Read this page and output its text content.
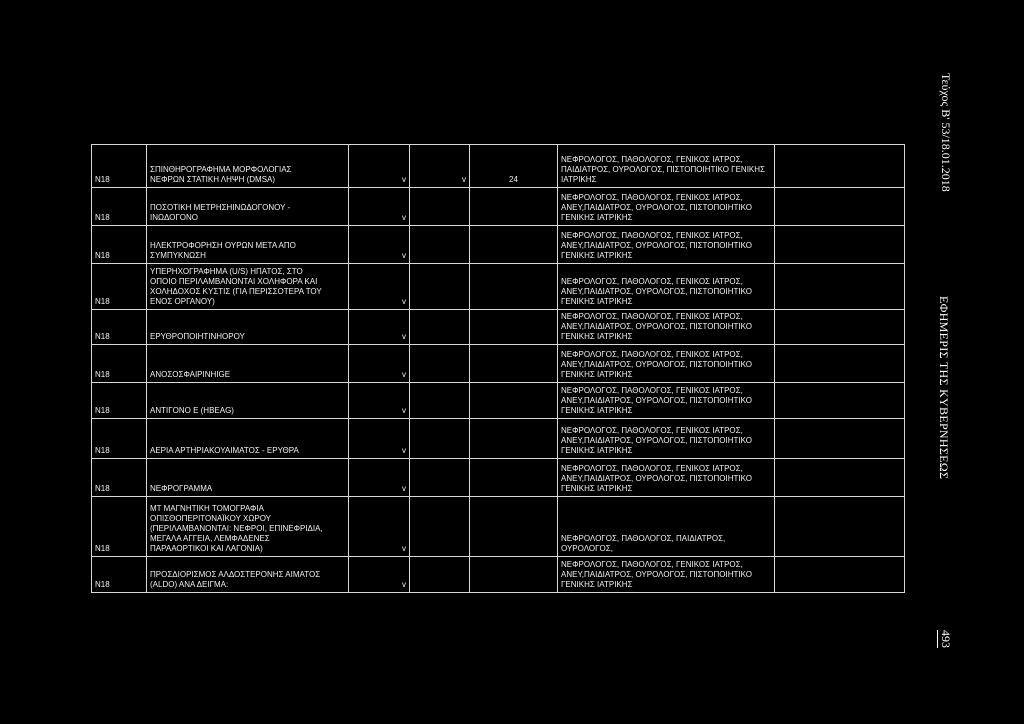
N18	ΣΠΙΝΘΗΡΟΓΡΑΦΗΜΑ ΜΟΡΦΟΛΟΓΙΑΣ
ΝΕΦΡΩΝ ΣΤΑΤΙΚΗ ΛΗΨΗ (DMSA)	v	v	24	ΝΕΦΡΟΛΟΓΟΣ, ΠΑΘΟΛΟΓΟΣ, ΓΕΝΙΚΟΣ ΙΑΤΡΟΣ,
ΠΑΙΔΙΑΤΡΟΣ, ΟΥΡΟΛΟΓΟΣ, ΠΙΣΤΟΠΟΙΗΤΙΚΟ ΓΕΝΙΚΗΣ
ΙΑΤΡΙΚΗΣ	
N18	ΠΟΣΟΤΙΚΗ ΜΕΤΡΗΣΗΙΝΩΔΟΓΟΝΟΥ -
ΙΝΩΔΟΓΟΝΟ	v			ΝΕΦΡΟΛΟΓΟΣ, ΠΑΘΟΛΟΓΟΣ, ΓΕΝΙΚΟΣ ΙΑΤΡΟΣ,
ΑΝΕΥ,ΠΑΙΔΙΑΤΡΟΣ, ΟΥΡΟΛΟΓΟΣ, ΠΙΣΤΟΠΟΙΗΤΙΚΟ
ΓΕΝΙΚΗΣ ΙΑΤΡΙΚΗΣ	
N18	ΗΛΕΚΤΡΟΦΟΡΗΣΗ ΟΥΡΩΝ ΜΕΤΑ ΑΠΟ
ΣΥΜΠΥΚΝΩΣΗ	v			ΝΕΦΡΟΛΟΓΟΣ, ΠΑΘΟΛΟΓΟΣ, ΓΕΝΙΚΟΣ ΙΑΤΡΟΣ,
ΑΝΕΥ,ΠΑΙΔΙΑΤΡΟΣ, ΟΥΡΟΛΟΓΟΣ, ΠΙΣΤΟΠΟΙΗΤΙΚΟ
ΓΕΝΙΚΗΣ ΙΑΤΡΙΚΗΣ	
N18	ΥΠΕΡΗΧΟΓΡΑΦΗΜΑ (U/S) ΗΠΑΤΟΣ, ΣΤΟ
ΟΠΟΙΟ ΠΕΡΙΛΑΜΒΑΝΟΝΤΑΙ ΧΟΛΗΦΟΡΑ ΚΑΙ
ΧΟΛΗΔΟΧΟΣ ΚΥΣΤΙΣ (ΓΙΑ ΠΕΡΙΣΣΟΤΕΡΑ ΤΟΥ
ΕΝΟΣ ΟΡΓΑΝΟΥ)	v			ΝΕΦΡΟΛΟΓΟΣ, ΠΑΘΟΛΟΓΟΣ, ΓΕΝΙΚΟΣ ΙΑΤΡΟΣ,
ΑΝΕΥ,ΠΑΙΔΙΑΤΡΟΣ, ΟΥΡΟΛΟΓΟΣ, ΠΙΣΤΟΠΟΙΗΤΙΚΟ
ΓΕΝΙΚΗΣ ΙΑΤΡΙΚΗΣ	
N18	ΕΡΥΘΡΟΠΟΙΗΤΙΝΗΟΡΟΥ	v			ΝΕΦΡΟΛΟΓΟΣ, ΠΑΘΟΛΟΓΟΣ, ΓΕΝΙΚΟΣ ΙΑΤΡΟΣ,
ΑΝΕΥ,ΠΑΙΔΙΑΤΡΟΣ, ΟΥΡΟΛΟΓΟΣ, ΠΙΣΤΟΠΟΙΗΤΙΚΟ
ΓΕΝΙΚΗΣ ΙΑΤΡΙΚΗΣ	
N18	ΑΝΟΣΟΣΦΑΙΡΙΝΗIGE	v			ΝΕΦΡΟΛΟΓΟΣ, ΠΑΘΟΛΟΓΟΣ, ΓΕΝΙΚΟΣ ΙΑΤΡΟΣ,
ΑΝΕΥ,ΠΑΙΔΙΑΤΡΟΣ, ΟΥΡΟΛΟΓΟΣ, ΠΙΣΤΟΠΟΙΗΤΙΚΟ
ΓΕΝΙΚΗΣ ΙΑΤΡΙΚΗΣ	
N18	ΑΝΤΙΓΟΝΟ Ε (HBEAG)	v			ΝΕΦΡΟΛΟΓΟΣ, ΠΑΘΟΛΟΓΟΣ, ΓΕΝΙΚΟΣ ΙΑΤΡΟΣ,
ΑΝΕΥ,ΠΑΙΔΙΑΤΡΟΣ, ΟΥΡΟΛΟΓΟΣ, ΠΙΣΤΟΠΟΙΗΤΙΚΟ
ΓΕΝΙΚΗΣ ΙΑΤΡΙΚΗΣ	
N18	ΑΕΡΙΑ ΑΡΤΗΡΙΑΚΟΥΑΙΜΑΤΟΣ - ΕΡΥΘΡΑ	v			ΝΕΦΡΟΛΟΓΟΣ, ΠΑΘΟΛΟΓΟΣ, ΓΕΝΙΚΟΣ ΙΑΤΡΟΣ,
ΑΝΕΥ,ΠΑΙΔΙΑΤΡΟΣ, ΟΥΡΟΛΟΓΟΣ, ΠΙΣΤΟΠΟΙΗΤΙΚΟ
ΓΕΝΙΚΗΣ ΙΑΤΡΙΚΗΣ	
N18	ΝΕΦΡΟΓΡΑΜΜΑ	v			ΝΕΦΡΟΛΟΓΟΣ, ΠΑΘΟΛΟΓΟΣ, ΓΕΝΙΚΟΣ ΙΑΤΡΟΣ,
ΑΝΕΥ,ΠΑΙΔΙΑΤΡΟΣ, ΟΥΡΟΛΟΓΟΣ, ΠΙΣΤΟΠΟΙΗΤΙΚΟ
ΓΕΝΙΚΗΣ ΙΑΤΡΙΚΗΣ	
N18	ΜΤ ΜΑΓΝΗΤΙΚΗ ΤΟΜΟΓΡΑΦΙΑ
ΟΠΙΣΘΟΠΕΡΙΤΟΝΑΪΚΟΥ ΧΩΡΟΥ
(ΠΕΡΙΛΑΜΒΑΝΟΝΤΑΙ: ΝΕΦΡΟΙ, ΕΠΙΝΕΦΡΙΔΙΑ,
ΜΕΓΑΛΑ ΑΓΓΕΙΑ, ΛΕΜΦΑΔΕΝΕΣ
ΠΑΡΑΑΟΡΤΙΚΟΙ ΚΑΙ ΛΑΓΟΝΙΑ)	v			ΝΕΦΡΟΛΟΓΟΣ, ΠΑΘΟΛΟΓΟΣ, ΠΑΙΔΙΑΤΡΟΣ,
ΟΥΡΟΛΟΓΟΣ,	
N18	ΠΡΟΣΔΙΟΡΙΣΜΟΣ ΑΛΔΟΣΤΕΡΟΝΗΣ ΑΙΜΑΤΟΣ
(ALDO) ΑΝΑ ΔΕΙΓΜΑ:	v			ΝΕΦΡΟΛΟΓΟΣ, ΠΑΘΟΛΟΓΟΣ, ΓΕΝΙΚΟΣ ΙΑΤΡΟΣ,
ΑΝΕΥ,ΠΑΙΔΙΑΤΡΟΣ, ΟΥΡΟΛΟΓΟΣ, ΠΙΣΤΟΠΟΙΗΤΙΚΟ
ΓΕΝΙΚΗΣ ΙΑΤΡΙΚΗΣ	
Τεύχος Β' 53/18.01.2018
ΕΦΗΜΕΡΙΣ ΤΗΣ ΚΥΒΕΡΝΗΣΕΩΣ
493
